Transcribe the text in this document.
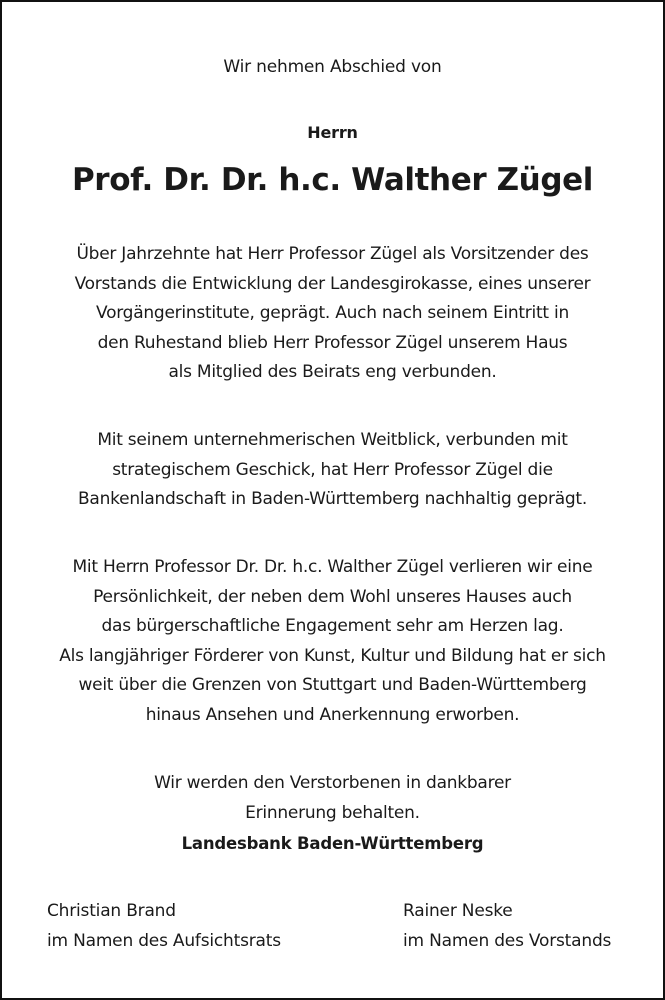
Wir nehmen Abschied von
Herrn
Prof. Dr. Dr. h.c. Walther Zügel
Über Jahrzehnte hat Herr Professor Zügel als Vorsitzender des
Vorstands die Entwicklung der Landesgirokasse, eines unserer
Vorgängerinstitute, geprägt. Auch nach seinem Eintritt in
den Ruhestand blieb Herr Professor Zügel unserem Haus
als Mitglied des Beirats eng verbunden.
Mit seinem unternehmerischen Weitblick, verbunden mit
strategischem Geschick, hat Herr Professor Zügel die
Bankenlandschaft in Baden-Württemberg nachhaltig geprägt.
Mit Herrn Professor Dr. Dr. h.c. Walther Zügel verlieren wir eine
Persönlichkeit, der neben dem Wohl unseres Hauses auch
das bürgerschaftliche Engagement sehr am Herzen lag.
Als langjähriger Förderer von Kunst, Kultur und Bildung hat er sich
weit über die Grenzen von Stuttgart und Baden-Württemberg
hinaus Ansehen und Anerkennung erworben.
Wir werden den Verstorbenen in dankbarer
Erinnerung behalten.
Landesbank Baden-Württemberg
Christian Brand
im Namen des Aufsichtsrats
Rainer Neske
im Namen des Vorstands
